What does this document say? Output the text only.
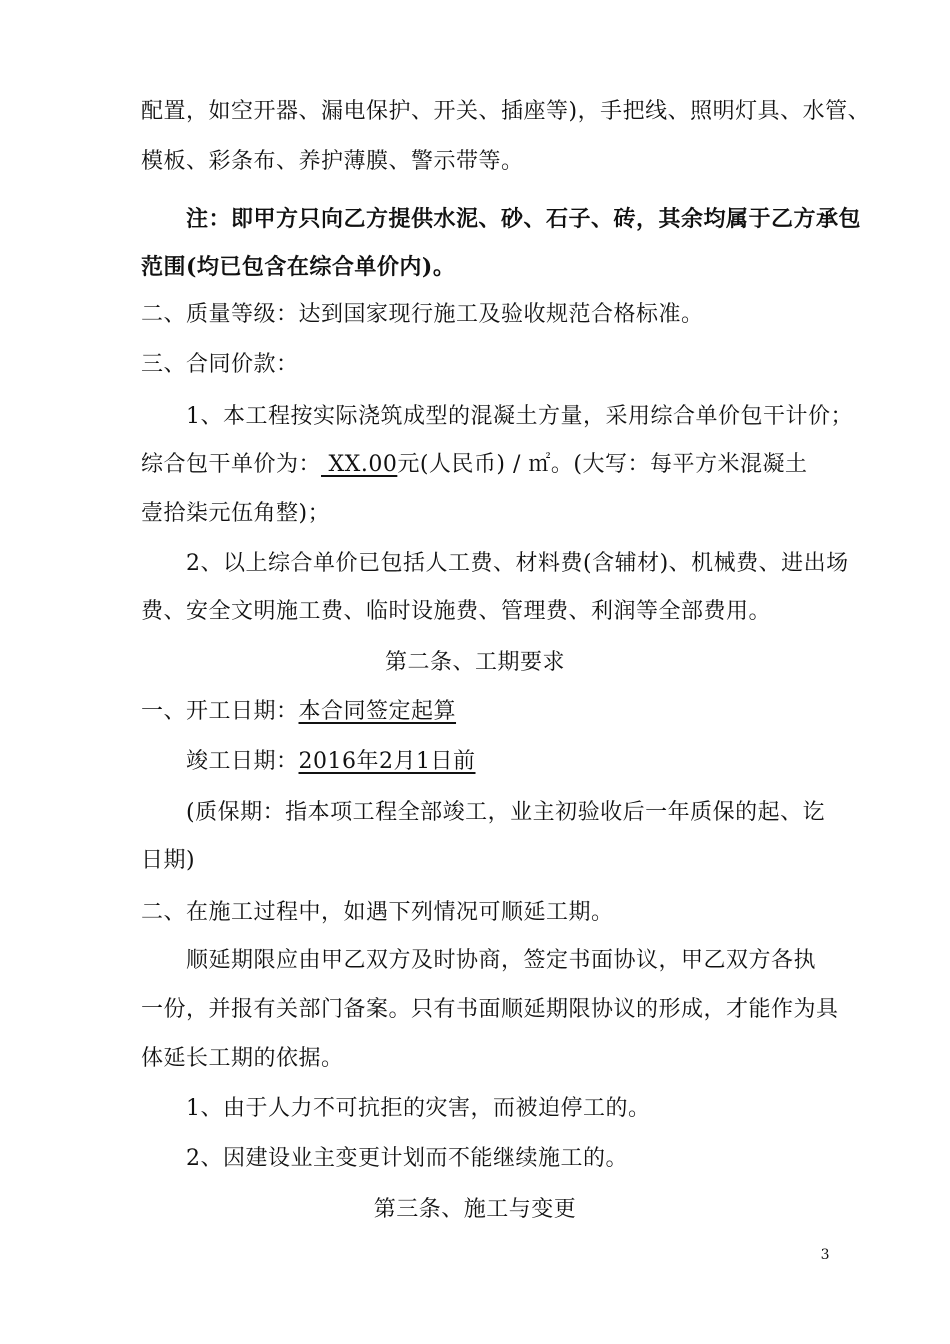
配置，如空开器、漏电保护、开关、插座等)，手把线、照明灯具、水管、
模板、彩条布、养护薄膜、警示带等。
注：即甲方只向乙方提供水泥、砂、石子、砖，其余均属于乙方承包
范围(均已包含在综合单价内)。
二、质量等级：达到国家现行施工及验收规范合格标准。
三、合同价款：
1、本工程按实际浇筑成型的混凝土方量，采用综合单价包干计价；
综合包干单价为： XX.00元(人民币) / ㎡。(大写：每平方米混凝土
壹拾柒元伍角整)；
2、以上综合单价已包括人工费、材料费(含辅材)、机械费、进出场
费、安全文明施工费、临时设施费、管理费、利润等全部费用。
第二条、工期要求
一、开工日期：本合同签定起算
竣工日期：2016年2月1日前
(质保期：指本项工程全部竣工，业主初验收后一年质保的起、讫
日期)
二、在施工过程中，如遇下列情况可顺延工期。
顺延期限应由甲乙双方及时协商，签定书面协议，甲乙双方各执
一份，并报有关部门备案。只有书面顺延期限协议的形成，才能作为具
体延长工期的依据。
1、由于人力不可抗拒的灾害，而被迫停工的。
2、因建设业主变更计划而不能继续施工的。
第三条、施工与变更
3
